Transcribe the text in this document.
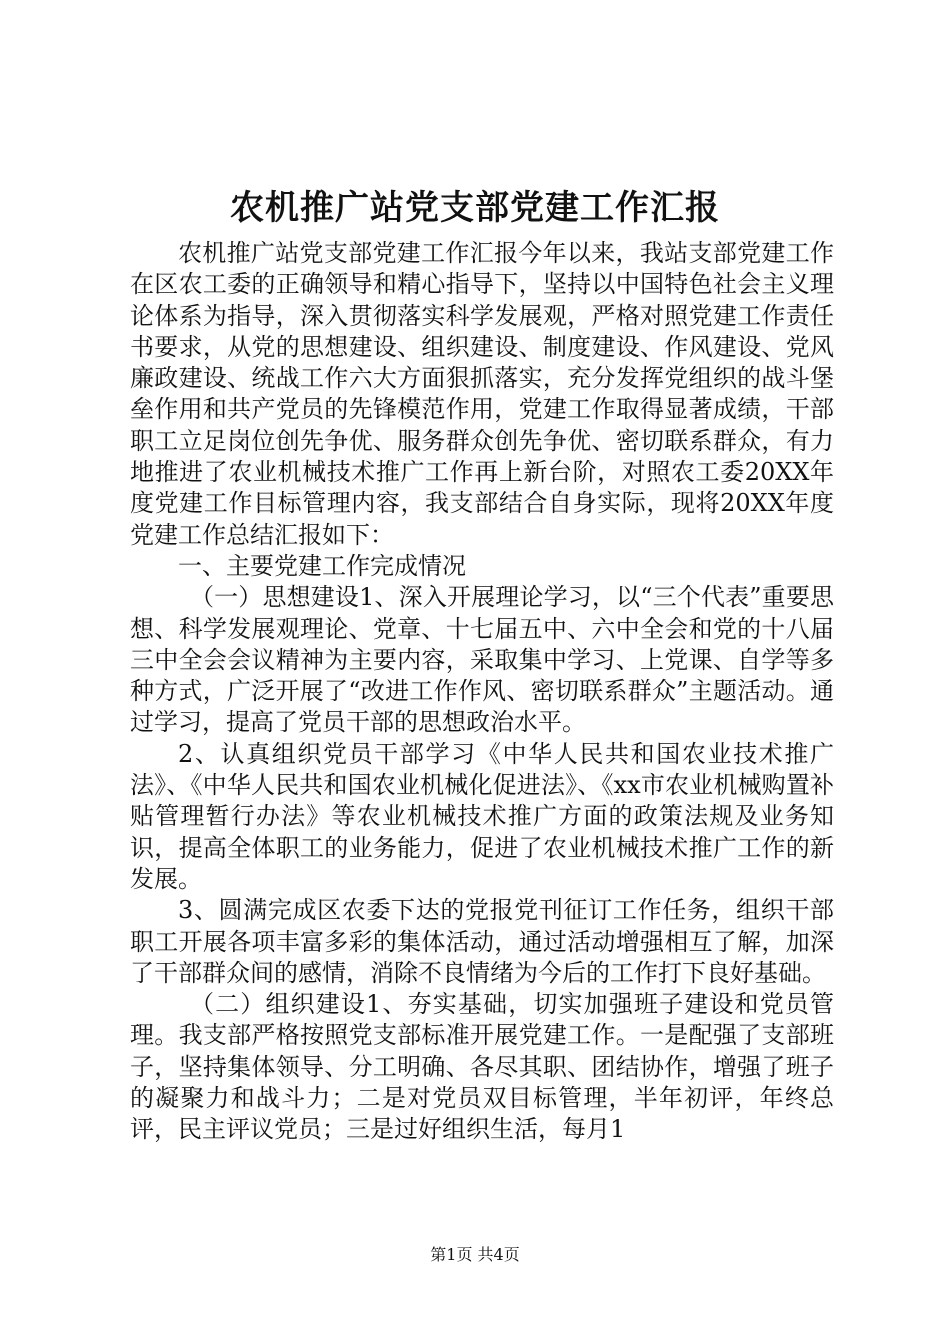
农机推广站党支部党建工作汇报

农机推广站党支部党建工作汇报今年以来，我站支部党建工作在区农工委的正确领导和精心指导下，坚持以中国特色社会主义理论体系为指导，深入贯彻落实科学发展观，严格对照党建工作责任书要求，从党的思想建设、组织建设、制度建设、作风建设、党风廉政建设、统战工作六大方面狠抓落实，充分发挥党组织的战斗堡垒作用和共产党员的先锋模范作用，党建工作取得显著成绩，干部职工立足岗位创先争优、服务群众创先争优、密切联系群众，有力地推进了农业机械技术推广工作再上新台阶，对照农工委20XX年度党建工作目标管理内容，我支部结合自身实际，现将20XX年度党建工作总结汇报如下：

一、主要党建工作完成情况

（一）思想建设1、深入开展理论学习，以“三个代表”重要思想、科学发展观理论、党章、十七届五中、六中全会和党的十八届三中全会会议精神为主要内容，采取集中学习、上党课、自学等多种方式，广泛开展了“改进工作作风、密切联系群众”主题活动。通过学习，提高了党员干部的思想政治水平。

2、认真组织党员干部学习《中华人民共和国农业技术推广法》、《中华人民共和国农业机械化促进法》、《xx市农业机械购置补贴管理暂行办法》等农业机械技术推广方面的政策法规及业务知识，提高全体职工的业务能力，促进了农业机械技术推广工作的新发展。

3、圆满完成区农委下达的党报党刊征订工作任务，组织干部职工开展各项丰富多彩的集体活动，通过活动增强相互了解，加深了干部群众间的感情，消除不良情绪为今后的工作打下良好基础。

（二）组织建设1、夯实基础，切实加强班子建设和党员管理。我支部严格按照党支部标准开展党建工作。一是配强了支部班子，坚持集体领导、分工明确、各尽其职、团结协作，增强了班子的凝聚力和战斗力；二是对党员双目标管理，半年初评，年终总评，民主评议党员；三是过好组织生活，每月1

第1页 共4页
